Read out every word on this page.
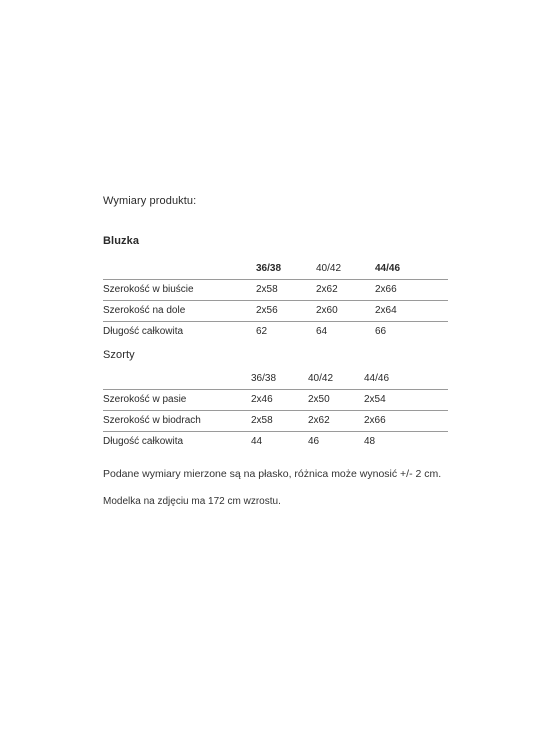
Wymiary produktu:
Bluzka
	36/38	40/42	44/46
Szerokość w biuście	2x58	2x62	2x66
Szerokość na dole	2x56	2x60	2x64
Długość całkowita	62	64	66
Szorty
	36/38	40/42	44/46
Szerokość w pasie	2x46	2x50	2x54
Szerokość w biodrach	2x58	2x62	2x66
Długość całkowita	44	46	48
Podane wymiary mierzone są na płasko, różnica może wynosić +/- 2 cm.
Modelka na zdjęciu ma 172 cm wzrostu.
